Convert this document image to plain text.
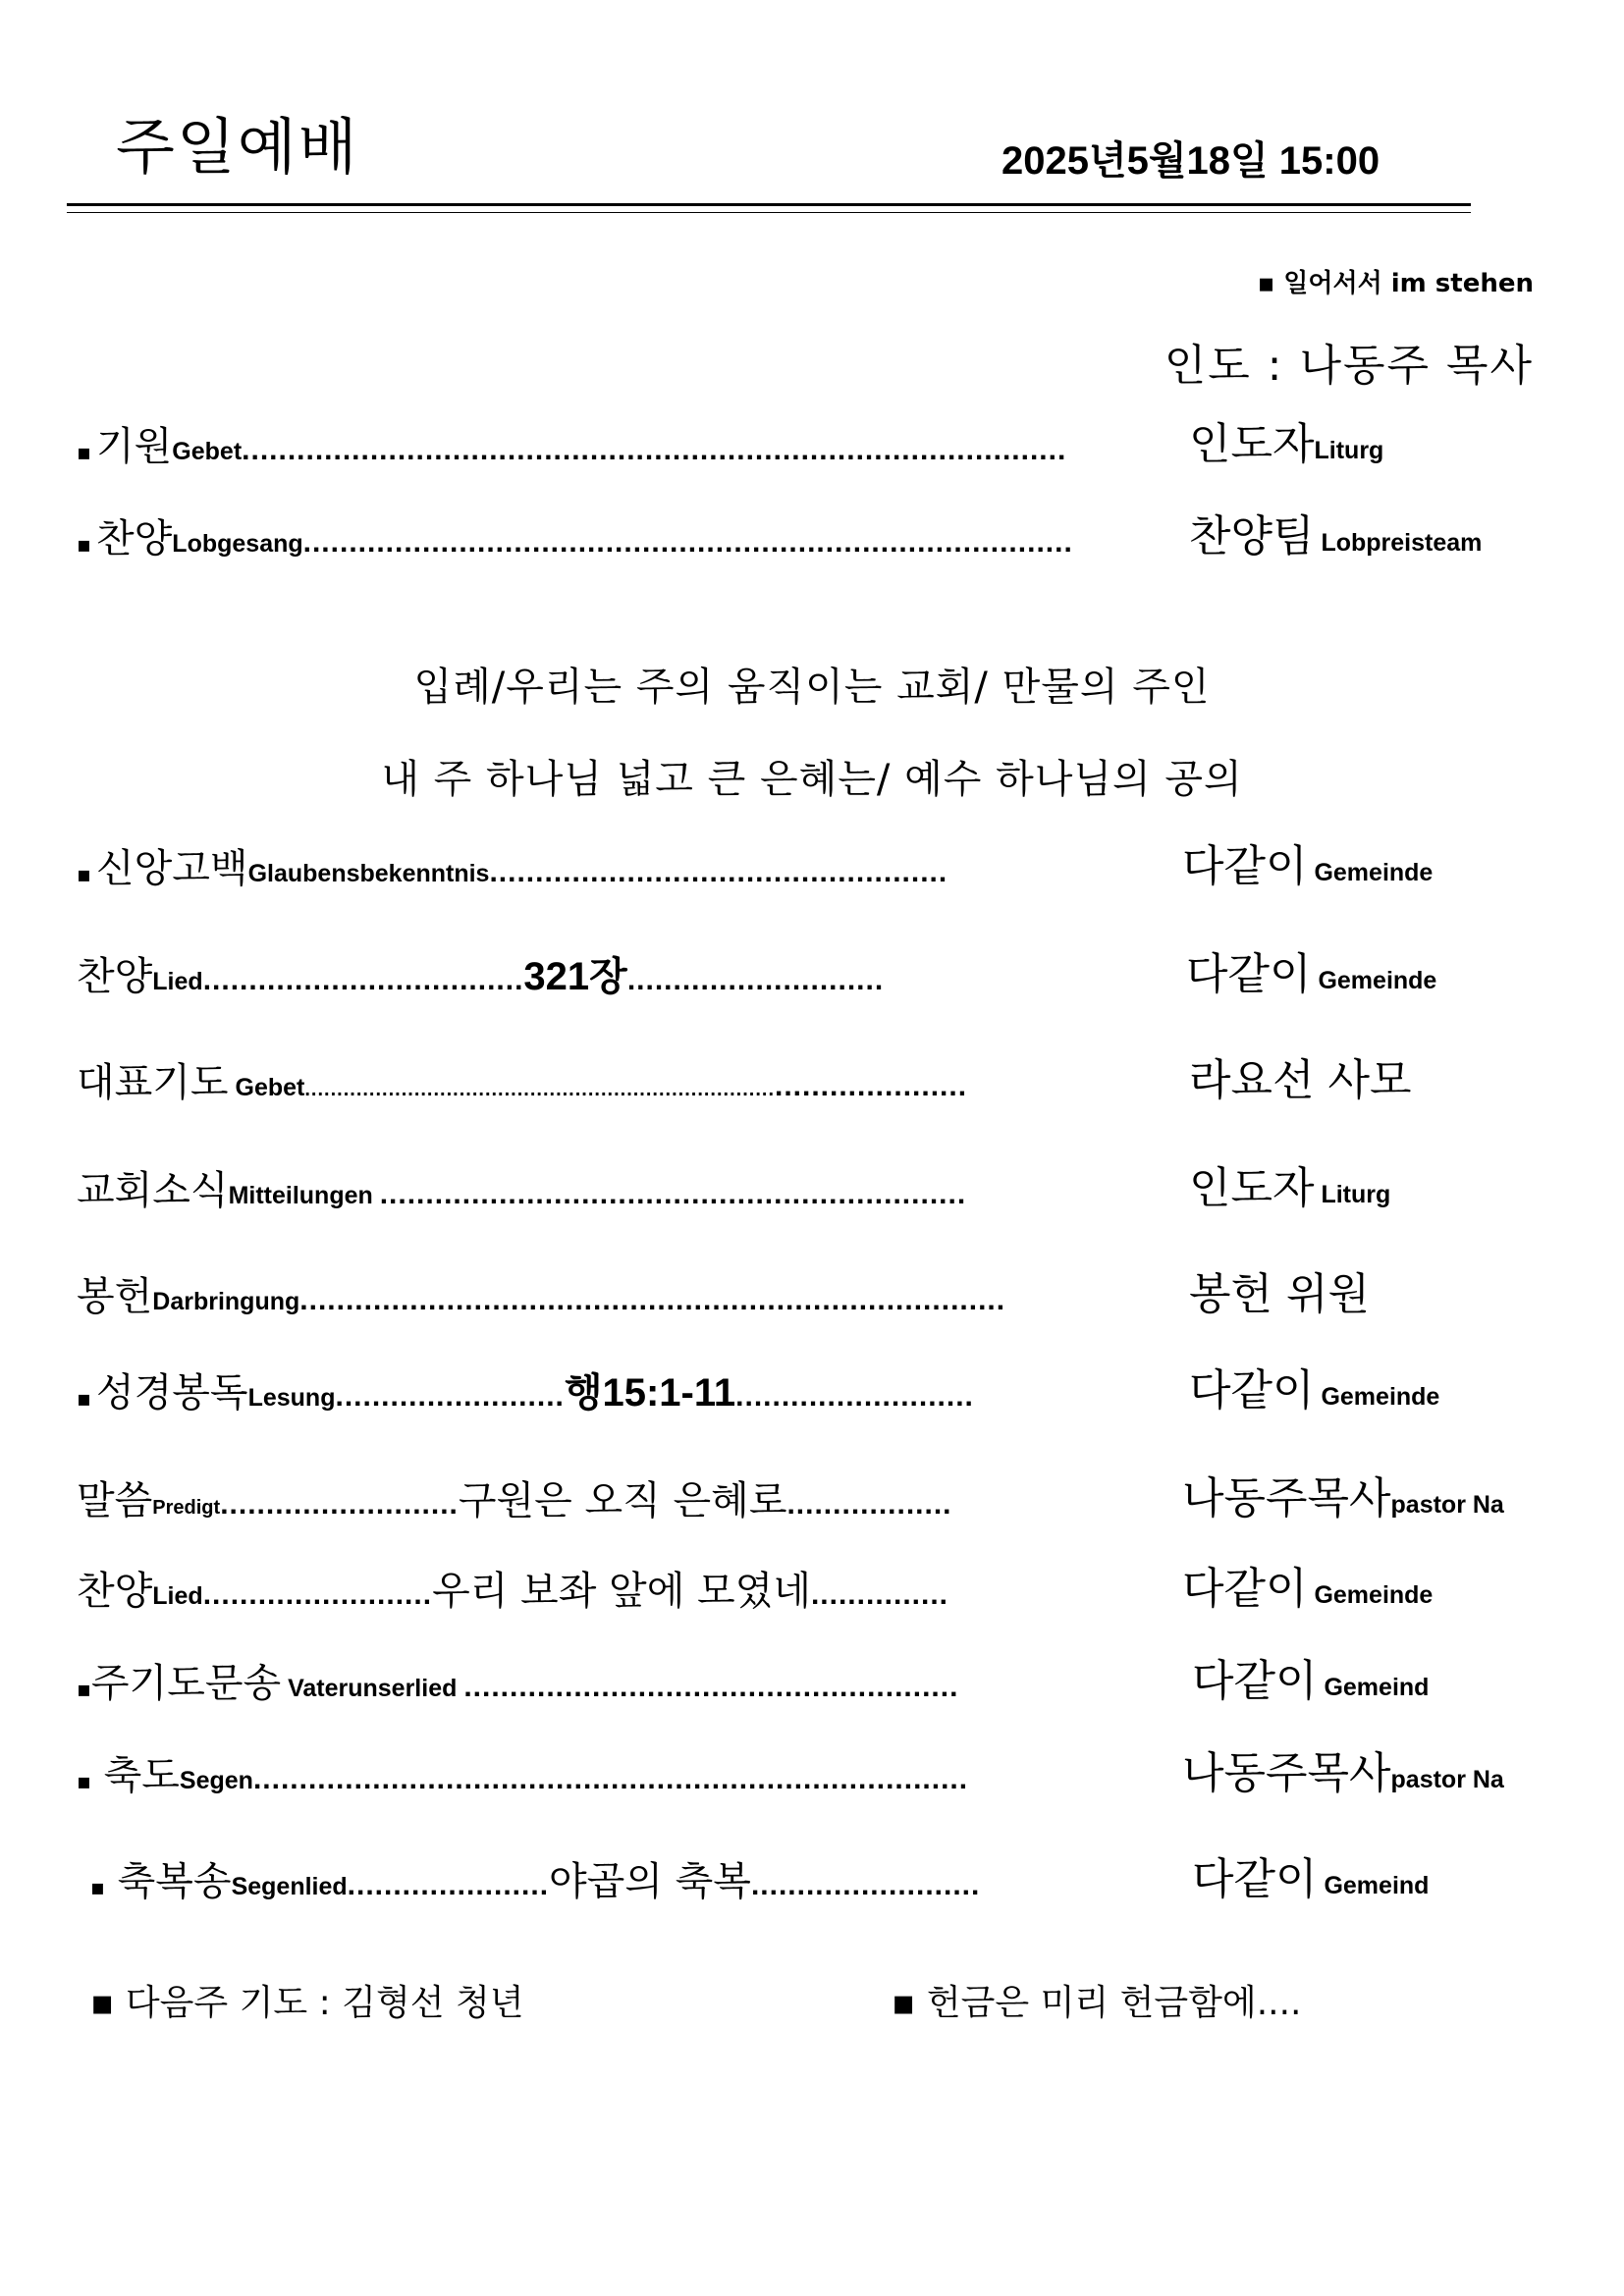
주일예배	2025년5월18일 15:00
▪ 일어서서 im stehen
인도 : 나동주 목사
▪ 기원Gebet..........................................................................................	인도자Liturg
▪ 찬양Lobgesang....................................................................................	찬양팀 Lobpreisteam
입례/우리는 주의 움직이는 교회/ 만물의 주인
내 주 하나님 넓고 큰 은혜는/ 예수 하나님의 공의
▪ 신앙고백Glaubensbekenntnis..................................................	다같이 Gemeinde
찬양Lied...................................321장............................	다같이 Gemeinde
대표기도 Gebet..............................................................................................	라요선 사모
교회소식Mitteilungen ................................................................	인도자 Liturg
봉헌Darbringung.............................................................................	봉헌 위원
▪ 성경봉독Lesung.........................행15:1-11..........................	다같이 Gemeinde
말씀Predigt..........................구원은 오직 은혜로..................	나동주목사pastor Na
찬양Lied.........................우리 보좌 앞에 모였네...............	다같이 Gemeinde
▪주기도문송 Vaterunserlied ......................................................	다같이 Gemeind
▪ 축도Segen..............................................................................	나동주목사pastor Na
▪ 축복송Segenlied......................야곱의 축복.........................	다같이 Gemeind
▪ 다음주 기도 : 김형선 청년	▪ 헌금은 미리 헌금함에....
